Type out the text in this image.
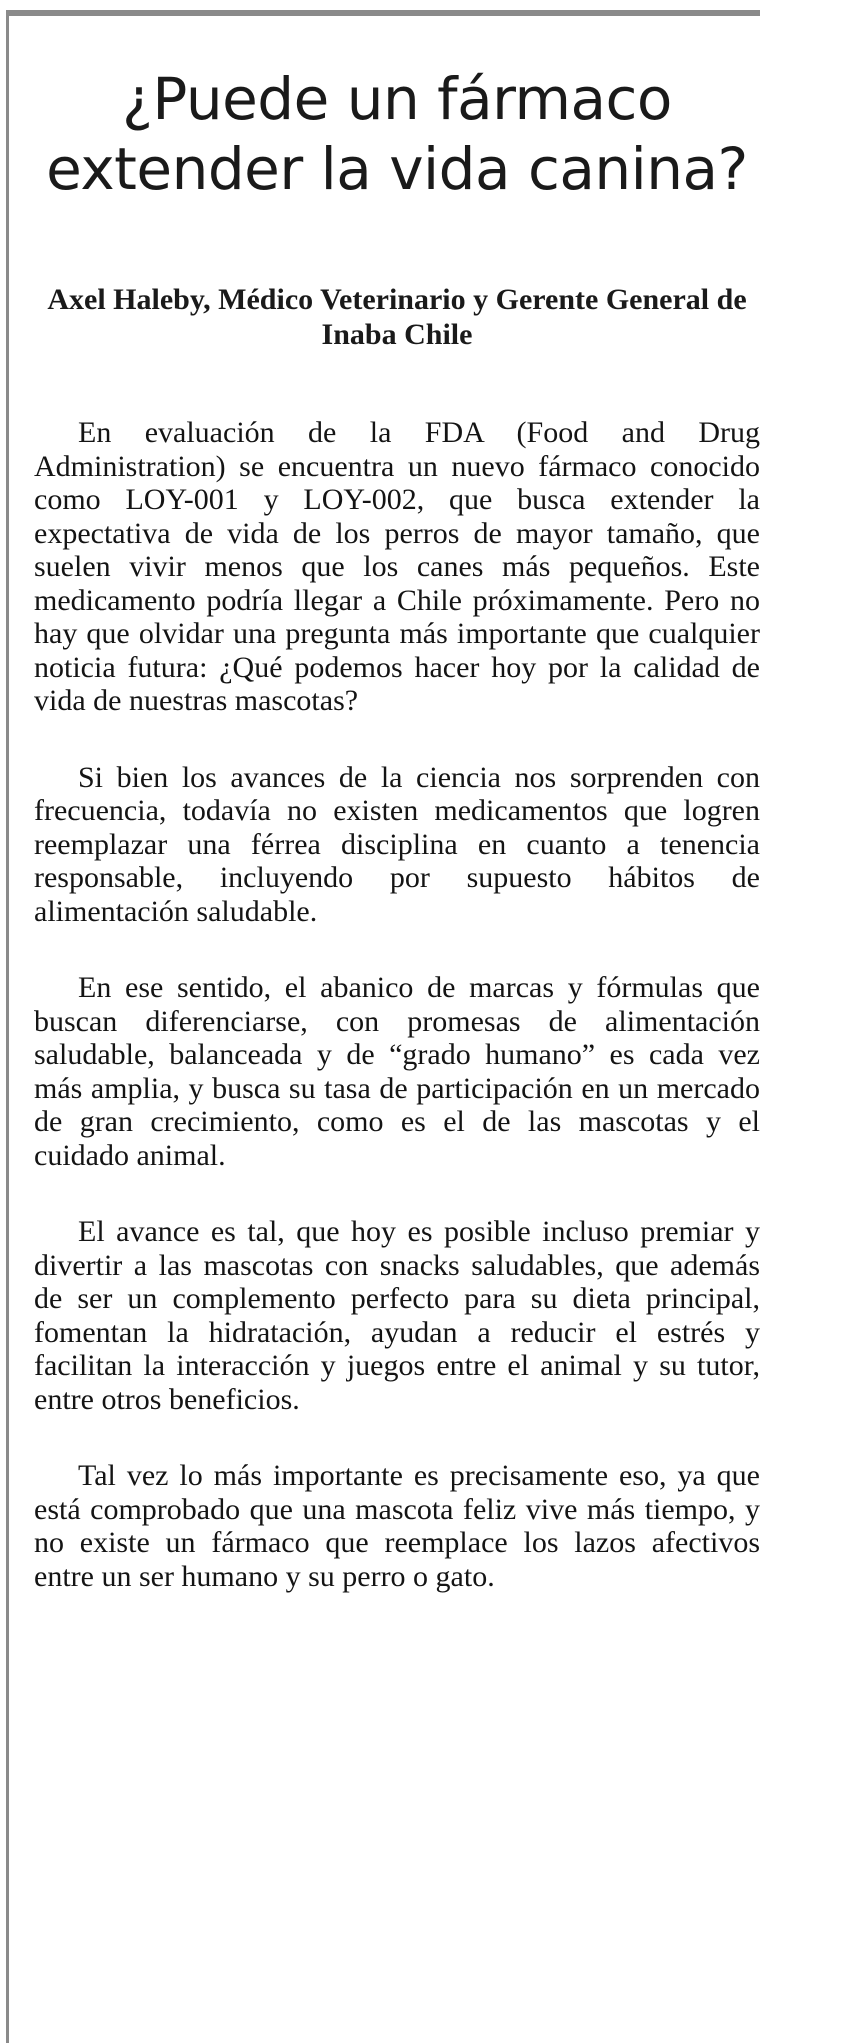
¿Puede un fármaco extender la vida canina?

Axel Haleby, Médico Veterinario y Gerente General de Inaba Chile

En evaluación de la FDA (Food and Drug Administration) se encuentra un nuevo fármaco conocido como LOY-001 y LOY-002, que busca extender la expectativa de vida de los perros de mayor tamaño, que suelen vivir menos que los canes más pequeños. Este medicamento podría llegar a Chile próximamente. Pero no hay que olvidar una pregunta más importante que cualquier noticia futura: ¿Qué podemos hacer hoy por la calidad de vida de nuestras mascotas?

Si bien los avances de la ciencia nos sorprenden con frecuencia, todavía no existen medicamentos que logren reemplazar una férrea disciplina en cuanto a tenencia responsable, incluyendo por supuesto hábitos de alimentación saludable.

En ese sentido, el abanico de marcas y fórmulas que buscan diferenciarse, con promesas de alimentación saludable, balanceada y de “grado humano” es cada vez más amplia, y busca su tasa de participación en un mercado de gran crecimiento, como es el de las mascotas y el cuidado animal.

El avance es tal, que hoy es posible incluso premiar y divertir a las mascotas con snacks saludables, que además de ser un complemento perfecto para su dieta principal, fomentan la hidratación, ayudan a reducir el estrés y facilitan la interacción y juegos entre el animal y su tutor, entre otros beneficios.

Tal vez lo más importante es precisamente eso, ya que está comprobado que una mascota feliz vive más tiempo, y no existe un fármaco que reemplace los lazos afectivos entre un ser humano y su perro o gato.
